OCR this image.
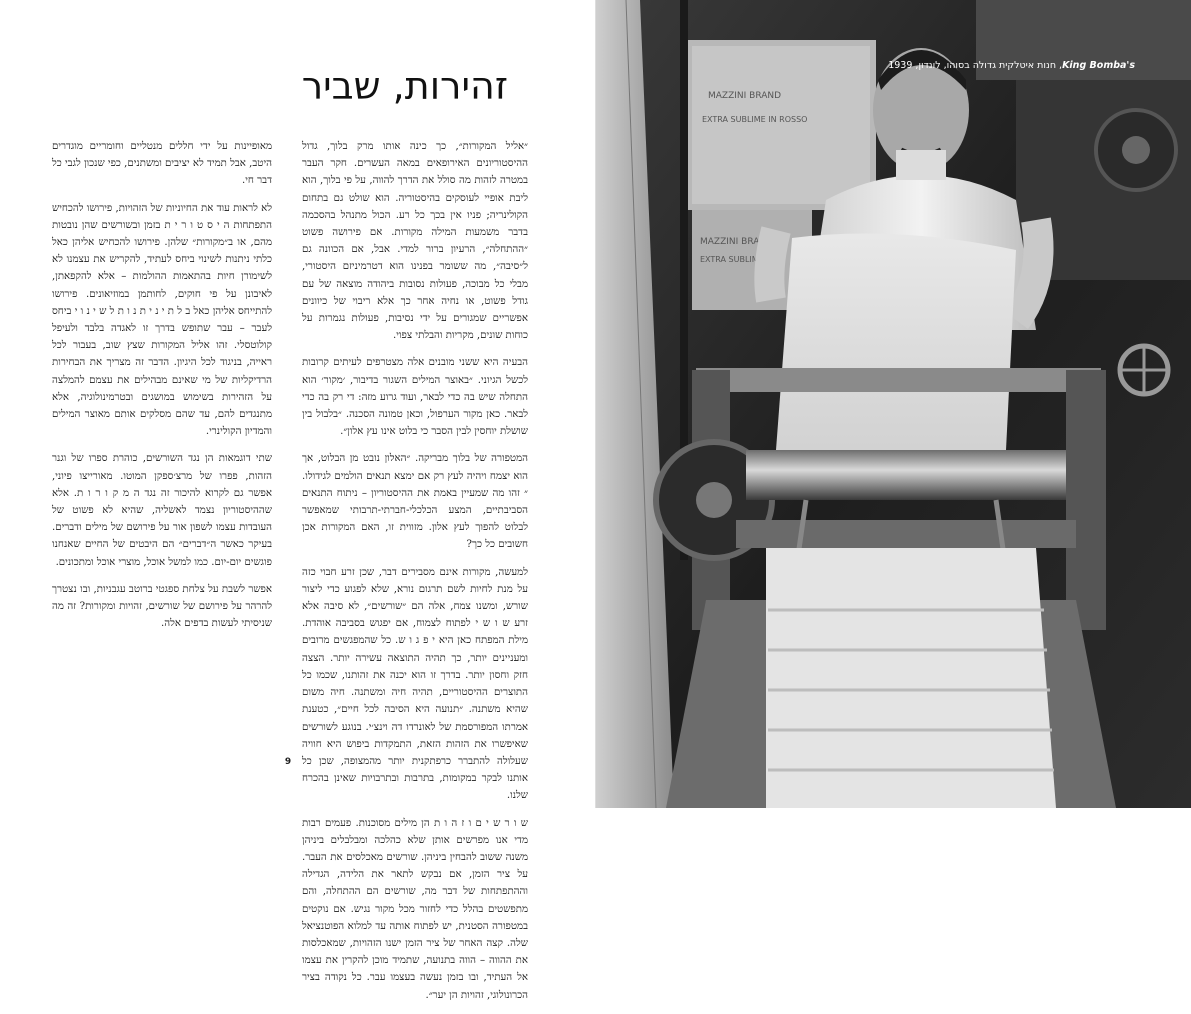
זהירות, שביר

״אליל המקורות״, כך כינה אותו מרק בלוך, גדול ההיסטוריונים האירופאים במאה העשרים. חקר העבר במטרה לזהות מה סולל את הדרך להווה, על פי בלוך, הוא ליבת אופיי לעוסקים בהיסטוריה. הוא שולט גם בתחום הקולינריה; פניו אין בכך כל רע. הכול מתנהל בהסכמה בדבר משמעות המילה מקורות. אם פירושה פשוט ״ההתחלה״, הרעיון ברור למדי. אבל, אם הכוונה גם ל״סיבה״, מה ששומר בפנינו הוא דטרמיניזם היסטורי, מבלי כל מבוכה, פעולות נסובות ביהודה מוצאה של עם גודל פשוט, או נחיה אחר כך אלא ריבוי של כיוונים אפשריים שמגורים על ידי נסיבות, פעולות נגמרות על כוחות שונים, מקריות והבלתי צפוי.

הבעיה היא ששני מובנים אלה מצטרפים לעיתים קרובות לכשל הגיוני. ״באוצר המילים השגור בדיבור, ׳מקור׳ הוא התחלה שיש בה כדי לבאר, ועוד גרוע מזה: די רק בה כדי לבאר. כאן מקור הערפול, וכאן טמונה הסכנה. ״בלבול בין שושלת יוחסין לבין הסבר כי בלוט אינו עץ אלון״.

המטפורה של בלוך מבריקה. ״האלון נובט מן הבלוט, אך הוא יצמח ויהיה לעץ רק אם ימצא תנאים הולמים לגידולו. ״ זהו מה שמעיין באמת את ההיסטוריון – ניתוח התנאים הסביבתיים, המצע הכלכלי-חברתי-תרבותי שמאפשר לבלוט להפוך לעץ אלון. מזווית זו, האם המקורות אכן חשובים כל כך?

למעשה, מקורות אינם מסבירים דבר, שכן זרע חבוי כזה על מנת לחיות לשם תרגום נורא, שלא לפגוע כדי ליצור שורש, ומשנו צמח, אלה הם ״שורשים״, לא סיבה אלא זרע ש ו ש י לפתוח לצמוח, אם יפגוש בסביבה אוהדת. מילת המפתח כאן היא י פ ג ו ש. כל שהמפגשים מרובים ומעניינים יותר, כך תהיה התוצאה עשירה יותר. הצצה חזק וחסון יותר. בדרך זו הוא יכנה את זהותנו, שכמו כל התוצרים ההיסטוריים, תהיה חיה ומשתנה. חיה משום שהיא משתנה. ״תנועה היא הסיבה לכל חיים״, כטענת אמרתו המפורסמת של לאונרדו דה וינצ׳י. בנוגע לשורשים שאיפשרו את הזהות הזאת, התמקדות ביפוש היא חוויה שעלולה להתברר כרפתקנית יותר מהמצופה, שכן כל אותנו לבקר במקומות, בתרבות ובתרבויות שאינן בהכרח שלנו.

ש ו ר ש י ם ו ז ה ו ת הן מילים מסוכנות. פעמים רבות מדי אנו מפרשים אותן שלא כהלכה ומבלבלים ביניהן משנה ששוב להבחין ביניהן. שורשים מאכלסים את העבר. על ציר הזמן, אם נבקש לתאר את הלידה, הגדילה וההתפתחות של דבר מה, שורשים הם ההתחלה, והם מתפשטים בהלל כדי לחזור מכל מקור נגיש. אם נוקטים במטפורה הסטנית, יש לפתוח אותה עד למלוא הפוטנציאל שלה. קצה האחר של ציר הזמן ישנו הזהויות, שמאכלסות את ההווה – הווה בתנועה, שתמיד מוכן להקרין את עצמו אל העתיד, ובו בזמן נעשה בעצמו עבר. כל נקודה בציר הכרונולוגי, זהויות הן יער״.

מאופיינות על ידי חללים מנטליים וחומריים מוגדרים היטב, אבל תמיד לא יציבים ומשתנים, כפי שנכון לגבי כל דבר חי.

לא לראות עוד את החיוניות של הזהויות, פירושו להכחיש התפתחות ה י ס ט ו ר י ת בזמן ובשורשים שהן נובטות מהם, או ב״מקורות״ שלהן. פירושו להכחיש אליהן כאל כלתי ניתנות לשינוי ביחס לעתיד, להקריש את עצמנו לא לשימורן חיות בהתאמות ההולמות – אלא להקפאתן, לאיבונן על פי חוקים, לחותמן במוזיאונים. פירושו להתייחס אליהן כאל ב ל ת י נ י ת נ ו ת ל ש י נ ו י ביחס לעבר – עבר שתופש בדרך זו לאגדה בלבד ולעיפל קולוטסלי. זהו אליל המקורות שצץ שוב, בעבור לכל ראייה, בניגוד לכל היגיון. הדבר זה מצריך את הבחירות הרדיקליות של מי שאינם מבהילים את עצמם להמלצה על הזהירות בשימוש במושגים ובטרמינולוגיה, אלא מתנגדים להם, עד שהם מסלקים אותם מאוצר המילים והמדיון הקולינרי.

שתי דוגמאות הן נגד השורשים, כוהרת ספרו של וגנר הזהות, פפרו של מרצ׳ספקן המוטו. מאורייצו פיוני, אפשר גם לקרוא להיכור זה נגד ה מ ק ו ר ו ת. אלא שההיסטוריון נצמד לאשליה, שהיא לא פשוט של העובדות עצמו לשפון אור על פירושם של מילים ודברים. בעיקר כאשר ה״דברים״ הם היבטים של החיים שאנחנו פוגשים יום-יום. כמו למשל אוכל, מוצרי אוכל ומתכונים.

אפשר לשבת על צלחת ספגטי ברוטב עגבניות, ובו נצטרך להרהר על פירושם של שורשים, זהויות ומקורות? זה מה שניסיתי לעשות בדפים אלה.

9
MAZZINI BRAND
EXTRA SUBLIME IN ROSSO
MAZZINI BRAND
EXTRA SUBLIME
King Bomba's, חנות איטלקית גדולה בסוהו, לונדון, 1939
